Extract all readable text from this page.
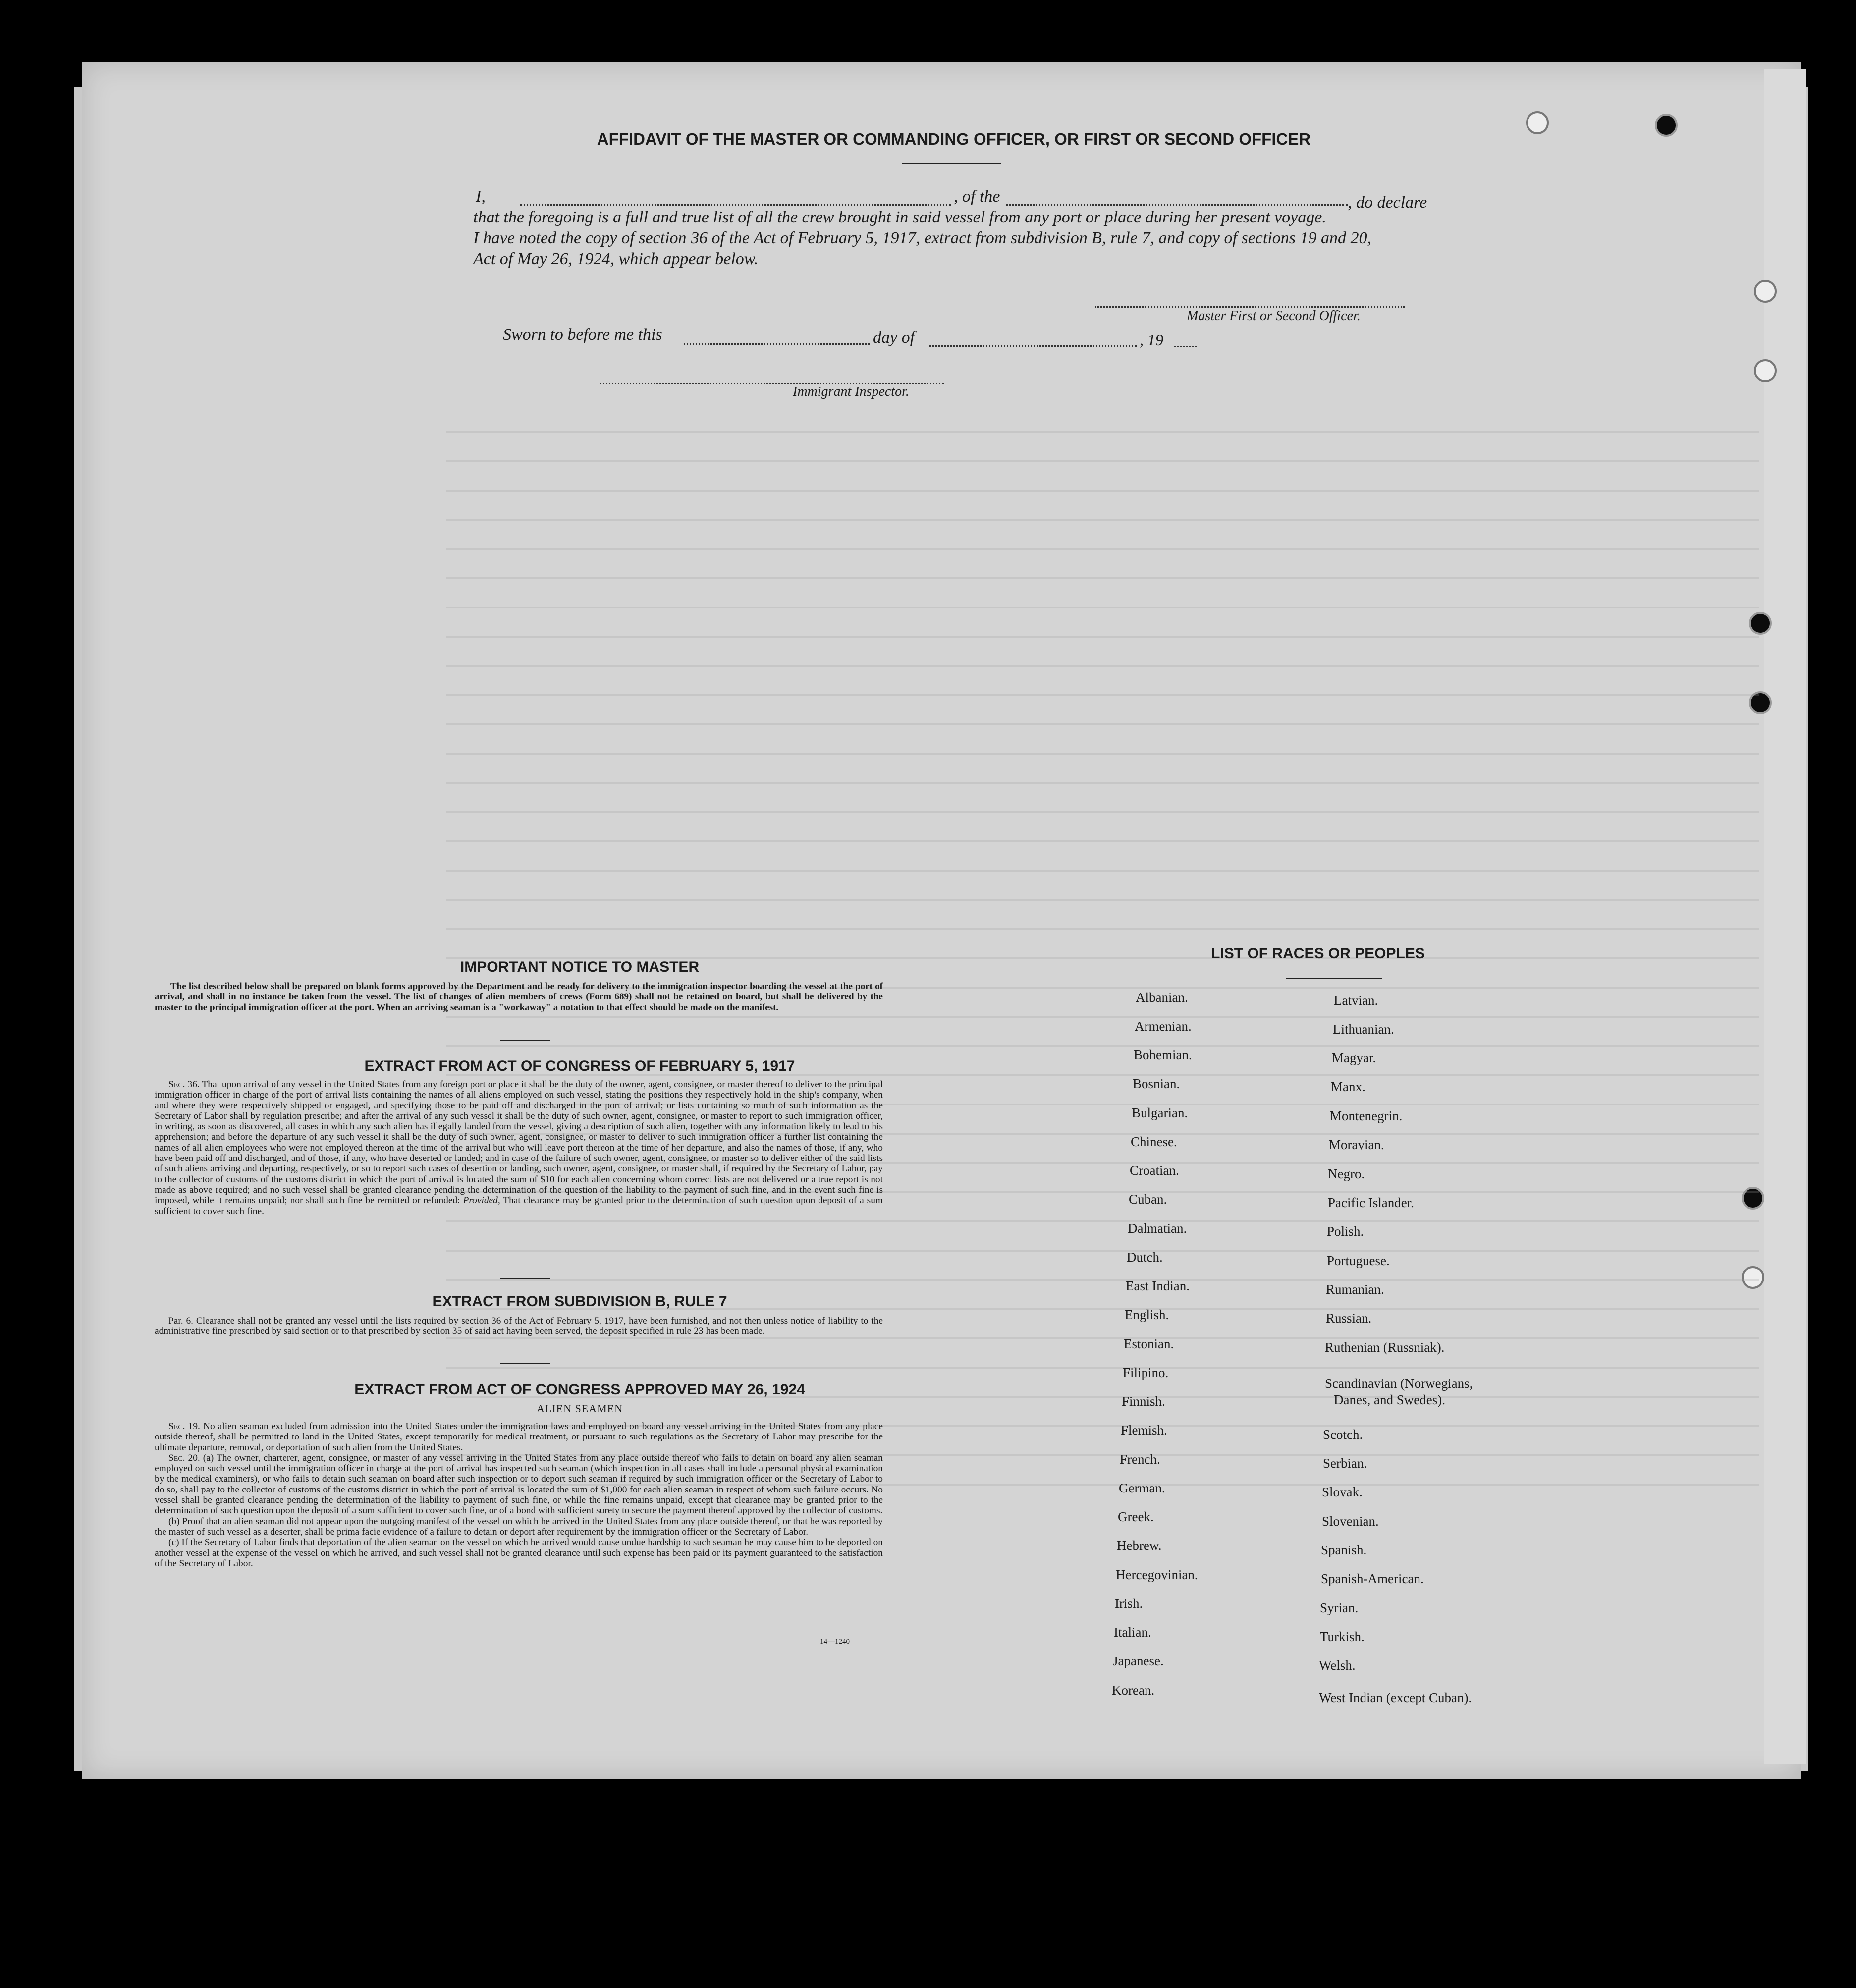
AFFIDAVIT OF THE MASTER OR COMMANDING OFFICER, OR FIRST OR SECOND OFFICER
I,	, of the	, do declare
that the foregoing is a full and true list of all the crew brought in said vessel from any port or place during her present voyage.
I have noted the copy of section 36 of the Act of February 5, 1917, extract from subdivision B, rule 7, and copy of sections 19 and 20,
Act of May 26, 1924, which appear below.
Master First or Second Officer.
Sworn to before me this	day of	, 19
Immigrant Inspector.
IMPORTANT NOTICE TO MASTER
The list described below shall be prepared on blank forms approved by the Department and be ready for delivery to the immigration inspector boarding the vessel at the port of arrival, and shall in no instance be taken from the vessel. The list of changes of alien members of crews (Form 689) shall not be retained on board, but shall be delivered by the master to the principal immigration officer at the port. When an arriving seaman is a "workaway" a notation to that effect should be made on the manifest.
EXTRACT FROM ACT OF CONGRESS OF FEBRUARY 5, 1917

Sec. 36. That upon arrival of any vessel in the United States from any foreign port or place it shall be the duty of the owner, agent, consignee, or master thereof to deliver to the principal immigration officer in charge of the port of arrival lists containing the names of all aliens employed on such vessel, stating the positions they respectively hold in the ship's company, when and where they were respectively shipped or engaged, and specifying those to be paid off and discharged in the port of arrival; or lists containing so much of such information as the Secretary of Labor shall by regulation prescribe; and after the arrival of any such vessel it shall be the duty of such owner, agent, consignee, or master to report to such immigration officer, in writing, as soon as discovered, all cases in which any such alien has illegally landed from the vessel, giving a description of such alien, together with any information likely to lead to his apprehension; and before the departure of any such vessel it shall be the duty of such owner, agent, consignee, or master to deliver to such immigration officer a further list containing the names of all alien employees who were not employed thereon at the time of the arrival but who will leave port thereon at the time of her departure, and also the names of those, if any, who have been paid off and discharged, and of those, if any, who have deserted or landed; and in case of the failure of such owner, agent, consignee, or master so to deliver either of the said lists of such aliens arriving and departing, respectively, or so to report such cases of desertion or landing, such owner, agent, consignee, or master shall, if required by the Secretary of Labor, pay to the collector of customs of the customs district in which the port of arrival is located the sum of $10 for each alien concerning whom correct lists are not delivered or a true report is not made as above required; and no such vessel shall be granted clearance pending the determination of the question of the liability to the payment of such fine, and in the event such fine is imposed, while it remains unpaid; nor shall such fine be remitted or refunded: Provided, That clearance may be granted prior to the determination of such question upon deposit of a sum sufficient to cover such fine.

EXTRACT FROM SUBDIVISION B, RULE 7

Par. 6. Clearance shall not be granted any vessel until the lists required by section 36 of the Act of February 5, 1917, have been furnished, and not then unless notice of liability to the administrative fine prescribed by said section or to that prescribed by section 35 of said act having been served, the deposit specified in rule 23 has been made.

EXTRACT FROM ACT OF CONGRESS APPROVED MAY 26, 1924
ALIEN SEAMEN

Sec. 19. No alien seaman excluded from admission into the United States under the immigration laws and employed on board any vessel arriving in the United States from any place outside thereof, shall be permitted to land in the United States, except temporarily for medical treatment, or pursuant to such regulations as the Secretary of Labor may prescribe for the ultimate departure, removal, or deportation of such alien from the United States.

Sec. 20. (a) The owner, charterer, agent, consignee, or master of any vessel arriving in the United States from any place outside thereof who fails to detain on board any alien seaman employed on such vessel until the immigration officer in charge at the port of arrival has inspected such seaman (which inspection in all cases shall include a personal physical examination by the medical examiners), or who fails to detain such seaman on board after such inspection or to deport such seaman if required by such immigration officer or the Secretary of Labor to do so, shall pay to the collector of customs of the customs district in which the port of arrival is located the sum of $1,000 for each alien seaman in respect of whom such failure occurs. No vessel shall be granted clearance pending the determination of the liability to payment of such fine, or while the fine remains unpaid, except that clearance may be granted prior to the determination of such question upon the deposit of a sum sufficient to cover such fine, or of a bond with sufficient surety to secure the payment thereof approved by the collector of customs.

(b) Proof that an alien seaman did not appear upon the outgoing manifest of the vessel on which he arrived in the United States from any place outside thereof, or that he was reported by the master of such vessel as a deserter, shall be prima facie evidence of a failure to detain or deport after requirement by the immigration officer or the Secretary of Labor.

(c) If the Secretary of Labor finds that deportation of the alien seaman on the vessel on which he arrived would cause undue hardship to such seaman he may cause him to be deported on another vessel at the expense of the vessel on which he arrived, and such vessel shall not be granted clearance until such expense has been paid or its payment guaranteed to the satisfaction of the Secretary of Labor.

14—1240
LIST OF RACES OR PEOPLES
Albanian.
Armenian.
Bohemian.
Bosnian.
Bulgarian.
Chinese.
Croatian.
Cuban.
Dalmatian.
Dutch.
East Indian.
English.
Estonian.
Filipino.
Finnish.
Flemish.
French.
German.
Greek.
Hebrew.
Hercegovinian.
Irish.
Italian.
Japanese.
Korean.
Latvian.
Lithuanian.
Magyar.
Manx.
Montenegrin.
Moravian.
Negro.
Pacific Islander.
Polish.
Portuguese.
Rumanian.
Russian.
Ruthenian (Russniak).
Scandinavian (Norwegians,
Danes, and Swedes).
Scotch.
Serbian.
Slovak.
Slovenian.
Spanish.
Spanish-American.
Syrian.
Turkish.
Welsh.
West Indian (except Cuban).
